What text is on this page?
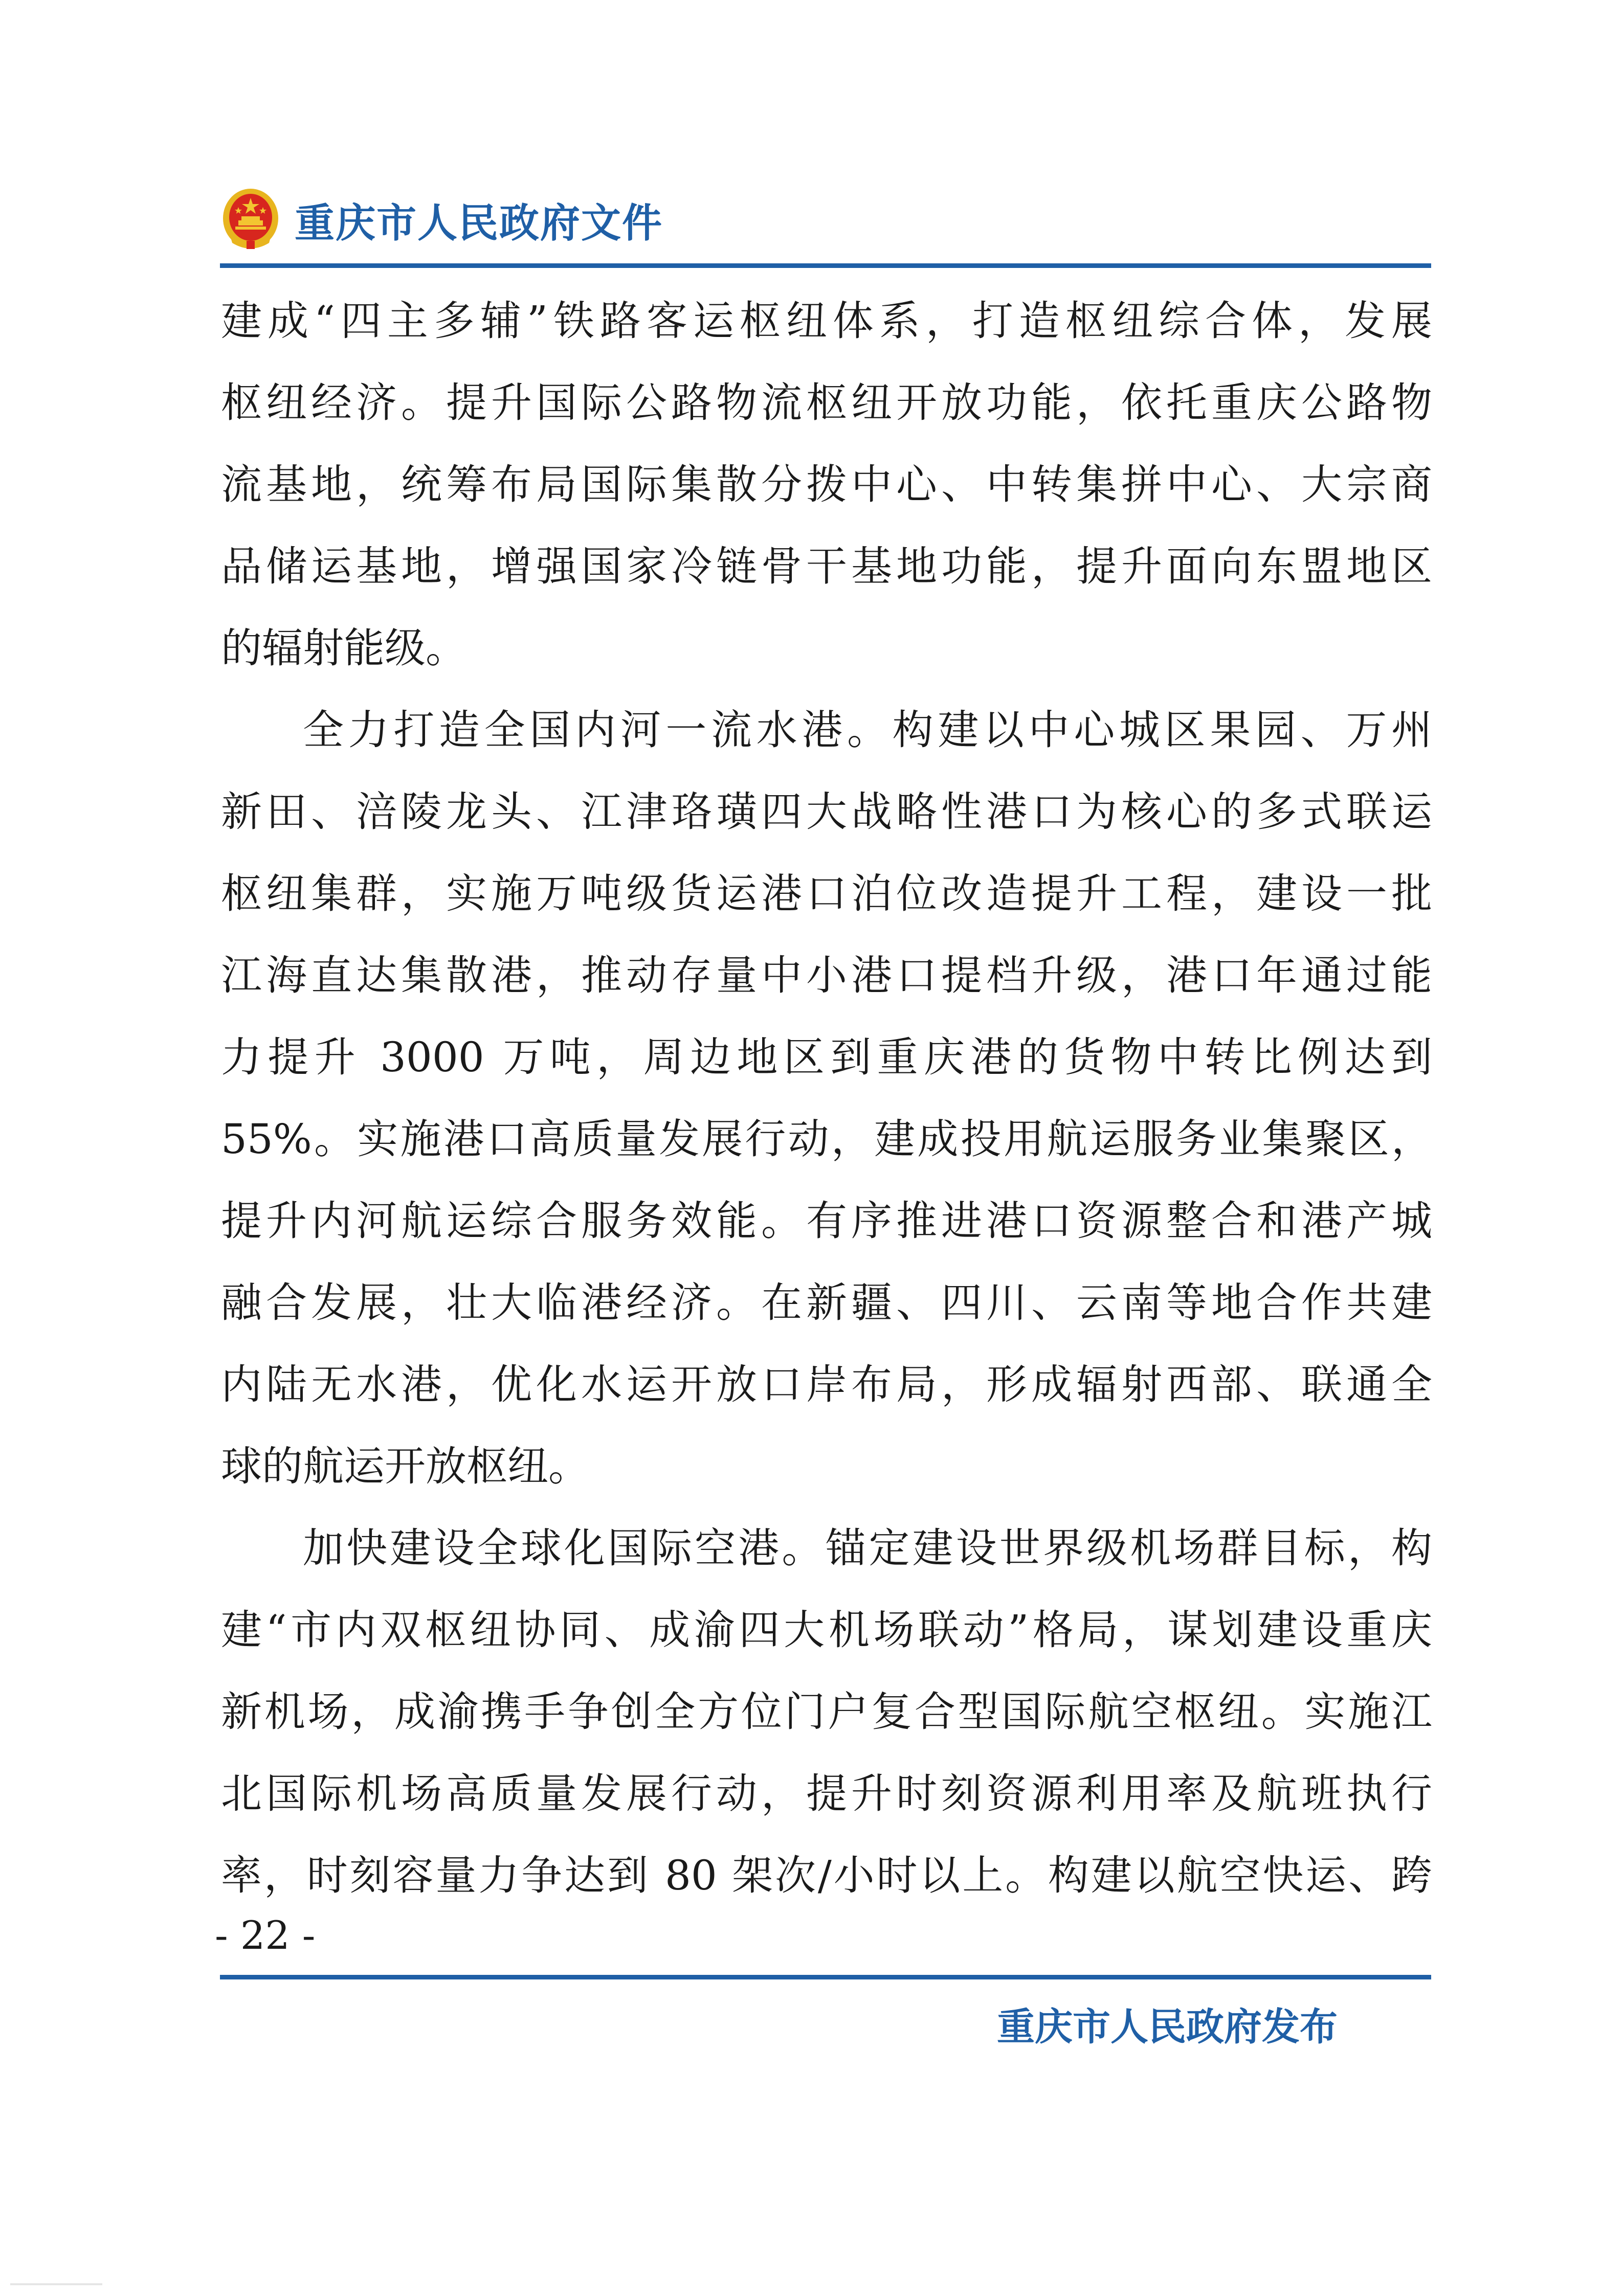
重庆市人民政府文件
建成“四主多辅”铁路客运枢纽体系，打造枢纽综合体，发展
枢纽经济。提升国际公路物流枢纽开放功能，依托重庆公路物
流基地，统筹布局国际集散分拨中心、中转集拼中心、大宗商
品储运基地，增强国家冷链骨干基地功能，提升面向东盟地区
的辐射能级。
全力打造全国内河一流水港。构建以中心城区果园、万州
新田、涪陵龙头、江津珞璜四大战略性港口为核心的多式联运
枢纽集群，实施万吨级货运港口泊位改造提升工程，建设一批
江海直达集散港，推动存量中小港口提档升级，港口年通过能
力提升 3000 万吨，周边地区到重庆港的货物中转比例达到
55%。实施港口高质量发展行动，建成投用航运服务业集聚区，
提升内河航运综合服务效能。有序推进港口资源整合和港产城
融合发展，壮大临港经济。在新疆、四川、云南等地合作共建
内陆无水港，优化水运开放口岸布局，形成辐射西部、联通全
球的航运开放枢纽。
加快建设全球化国际空港。锚定建设世界级机场群目标，构
建“市内双枢纽协同、成渝四大机场联动”格局，谋划建设重庆
新机场，成渝携手争创全方位门户复合型国际航空枢纽。实施江
北国际机场高质量发展行动，提升时刻资源利用率及航班执行
率，时刻容量力争达到 80 架次/小时以上。构建以航空快运、跨
- 22 -
重庆市人民政府发布
